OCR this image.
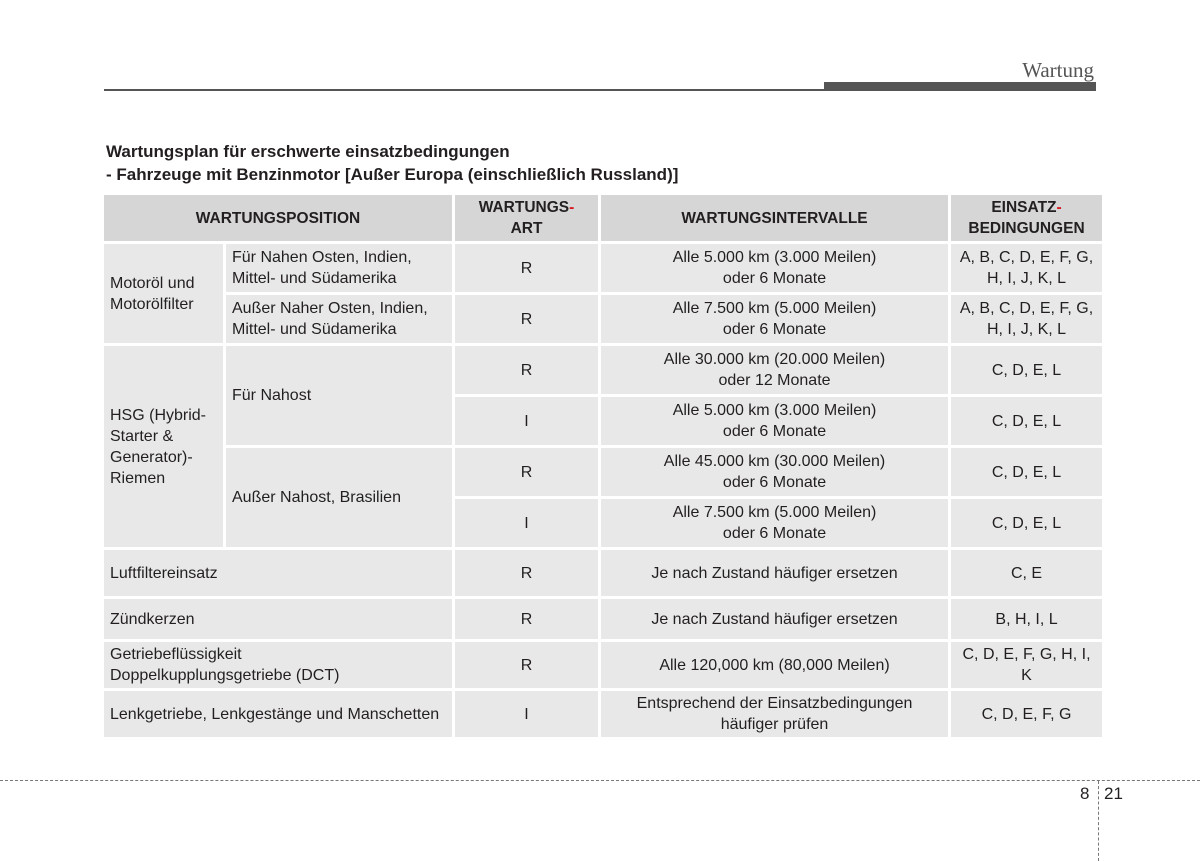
Wartung
Wartungsplan für erschwerte einsatzbedingungen
- Fahrzeuge mit Benzinmotor [Außer Europa (einschließlich Russland)]
WARTUNGSPOSITION		WARTUNGS-
ART	WARTUNGSINTERVALLE	EINSATZ-
BEDINGUNGEN
Motoröl und Motorölfilter	Für Nahen Osten, Indien, Mittel- und Südamerika	R	Alle 5.000 km (3.000 Meilen)
oder 6 Monate	A, B, C, D, E, F, G, H, I, J, K, L
	Außer Naher Osten, Indien, Mittel- und Südamerika	R	Alle 7.500 km (5.000 Meilen)
oder 6 Monate	A, B, C, D, E, F, G, H, I, J, K, L
HSG (Hybrid-Starter & Generator)-Riemen	Für Nahost	R	Alle 30.000 km (20.000 Meilen)
oder 12 Monate	C, D, E, L
		I	Alle 5.000 km (3.000 Meilen)
oder 6 Monate	C, D, E, L
	Außer Nahost, Brasilien	R	Alle 45.000 km (30.000 Meilen)
oder 6 Monate	C, D, E, L
		I	Alle 7.500 km (5.000 Meilen)
oder 6 Monate	C, D, E, L
Luftfiltereinsatz		R	Je nach Zustand häufiger ersetzen	C, E
Zündkerzen		R	Je nach Zustand häufiger ersetzen	B, H, I, L
Getriebeflüssigkeit
Doppelkupplungsgetriebe (DCT)		R	Alle 120,000 km (80,000 Meilen)	C, D, E, F, G, H, I, K
Lenkgetriebe, Lenkgestänge und Manschetten		I	Entsprechend der Einsatzbedingungen häufiger prüfen	C, D, E, F, G
8 21
